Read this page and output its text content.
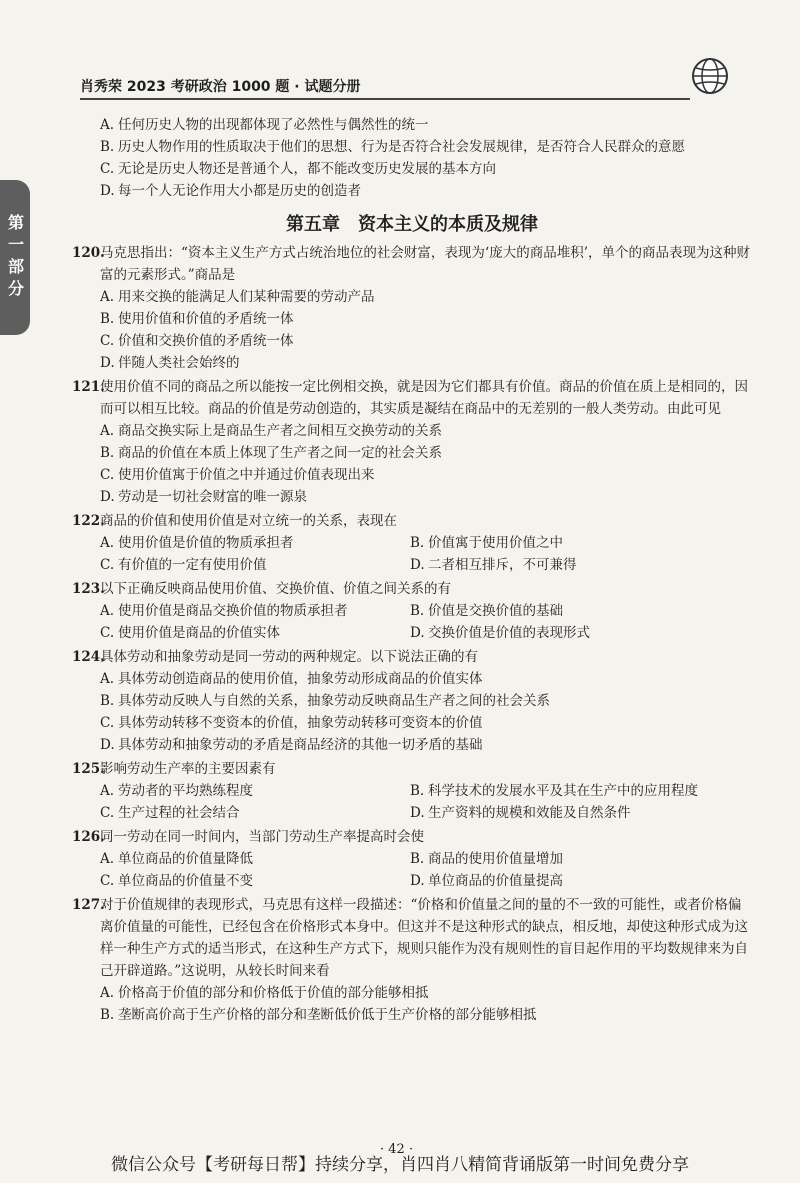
肖秀荣 2023 考研政治 1000 题 · 试题分册
第一部分
A. 任何历史人物的出现都体现了必然性与偶然性的统一
B. 历史人物作用的性质取决于他们的思想、行为是否符合社会发展规律，是否符合人民群众的意愿
C. 无论是历史人物还是普通个人，都不能改变历史发展的基本方向
D. 每一个人无论作用大小都是历史的创造者
第五章　资本主义的本质及规律
120.
马克思指出：“资本主义生产方式占统治地位的社会财富，表现为‘庞大的商品堆积’，单个的商品表现为这种财富的元素形式。”商品是
A. 用来交换的能满足人们某种需要的劳动产品
B. 使用价值和价值的矛盾统一体
C. 价值和交换价值的矛盾统一体
D. 伴随人类社会始终的
121.
使用价值不同的商品之所以能按一定比例相交换，就是因为它们都具有价值。商品的价值在质上是相同的，因而可以相互比较。商品的价值是劳动创造的，其实质是凝结在商品中的无差别的一般人类劳动。由此可见
A. 商品交换实际上是商品生产者之间相互交换劳动的关系
B. 商品的价值在本质上体现了生产者之间一定的社会关系
C. 使用价值寓于价值之中并通过价值表现出来
D. 劳动是一切社会财富的唯一源泉
122.
商品的价值和使用价值是对立统一的关系，表现在
A. 使用价值是价值的物质承担者	B. 价值寓于使用价值之中
C. 有价值的一定有使用价值	D. 二者相互排斥，不可兼得
123.
以下正确反映商品使用价值、交换价值、价值之间关系的有
A. 使用价值是商品交换价值的物质承担者	B. 价值是交换价值的基础
C. 使用价值是商品的价值实体	D. 交换价值是价值的表现形式
124.
具体劳动和抽象劳动是同一劳动的两种规定。以下说法正确的有
A. 具体劳动创造商品的使用价值，抽象劳动形成商品的价值实体
B. 具体劳动反映人与自然的关系，抽象劳动反映商品生产者之间的社会关系
C. 具体劳动转移不变资本的价值，抽象劳动转移可变资本的价值
D. 具体劳动和抽象劳动的矛盾是商品经济的其他一切矛盾的基础
125.
影响劳动生产率的主要因素有
A. 劳动者的平均熟练程度	B. 科学技术的发展水平及其在生产中的应用程度
C. 生产过程的社会结合	D. 生产资料的规模和效能及自然条件
126.
同一劳动在同一时间内，当部门劳动生产率提高时会使
A. 单位商品的价值量降低	B. 商品的使用价值量增加
C. 单位商品的价值量不变	D. 单位商品的价值量提高
127.
对于价值规律的表现形式，马克思有这样一段描述：“价格和价值量之间的量的不一致的可能性，或者价格偏离价值量的可能性，已经包含在价格形式本身中。但这并不是这种形式的缺点，相反地，却使这种形式成为这样一种生产方式的适当形式，在这种生产方式下，规则只能作为没有规则性的盲目起作用的平均数规律来为自己开辟道路。”这说明，从较长时间来看
A. 价格高于价值的部分和价格低于价值的部分能够相抵
B. 垄断高价高于生产价格的部分和垄断低价低于生产价格的部分能够相抵
· 42 ·
微信公众号【考研每日帮】持续分享，肖四肖八精简背诵版第一时间免费分享
